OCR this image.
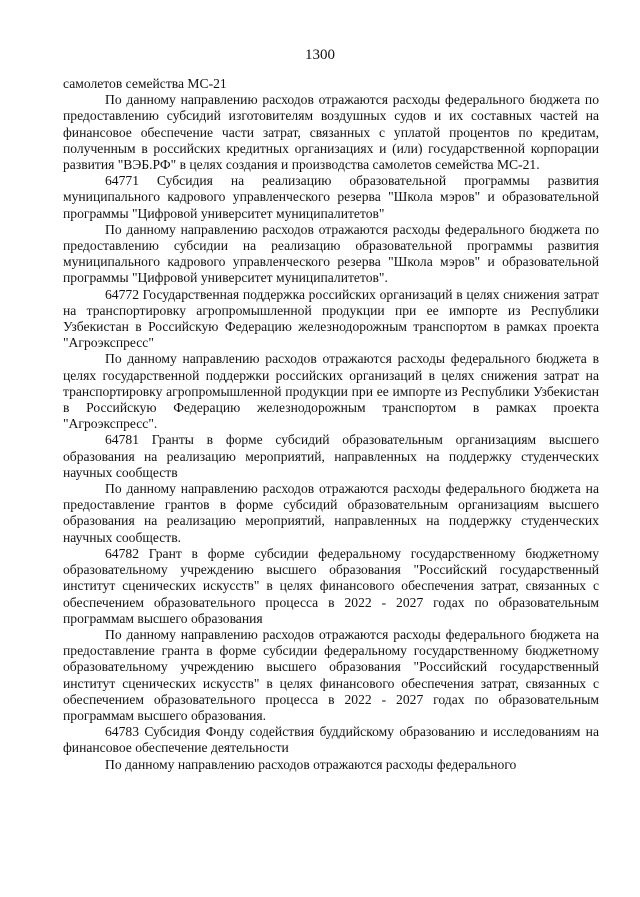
1300

самолетов семейства МС-21

По данному направлению расходов отражаются расходы федерального бюджета по предоставлению субсидий изготовителям воздушных судов и их составных частей на финансовое обеспечение части затрат, связанных с уплатой процентов по кредитам, полученным в российских кредитных организациях и (или) государственной корпорации развития "ВЭБ.РФ" в целях создания и производства самолетов семейства МС-21.

64771 Субсидия на реализацию образовательной программы развития муниципального кадрового управленческого резерва "Школа мэров" и образовательной программы "Цифровой университет муниципалитетов"

По данному направлению расходов отражаются расходы федерального бюджета по предоставлению субсидии на реализацию образовательной программы развития муниципального кадрового управленческого резерва "Школа мэров" и образовательной программы "Цифровой университет муниципалитетов".

64772 Государственная поддержка российских организаций в целях снижения затрат на транспортировку агропромышленной продукции при ее импорте из Республики Узбекистан в Российскую Федерацию железнодорожным транспортом в рамках проекта "Агроэкспресс"

По данному направлению расходов отражаются расходы федерального бюджета в целях государственной поддержки российских организаций в целях снижения затрат на транспортировку агропромышленной продукции при ее импорте из Республики Узбекистан в Российскую Федерацию железнодорожным транспортом в рамках проекта "Агроэкспресс".

64781 Гранты в форме субсидий образовательным организациям высшего образования на реализацию мероприятий, направленных на поддержку студенческих научных сообществ

По данному направлению расходов отражаются расходы федерального бюджета на предоставление грантов в форме субсидий образовательным организациям высшего образования на реализацию мероприятий, направленных на поддержку студенческих научных сообществ.

64782 Грант в форме субсидии федеральному государственному бюджетному образовательному учреждению высшего образования "Российский государственный институт сценических искусств" в целях финансового обеспечения затрат, связанных с обеспечением образовательного процесса в 2022 - 2027 годах по образовательным программам высшего образования

По данному направлению расходов отражаются расходы федерального бюджета на предоставление гранта в форме субсидии федеральному государственному бюджетному образовательному учреждению высшего образования "Российский государственный институт сценических искусств" в целях финансового обеспечения затрат, связанных с обеспечением образовательного процесса в 2022 - 2027 годах по образовательным программам высшего образования.

64783 Субсидия Фонду содействия буддийскому образованию и исследованиям на финансовое обеспечение деятельности

По данному направлению расходов отражаются расходы федерального
